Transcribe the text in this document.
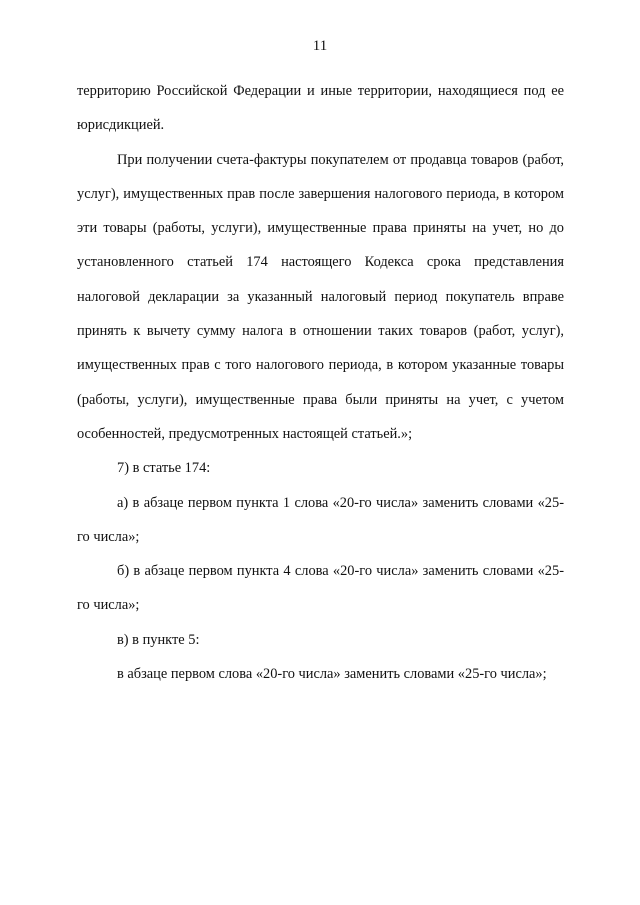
11

территорию Российской Федерации и иные территории, находящиеся под ее юрисдикцией.

При получении счета-фактуры покупателем от продавца товаров (работ, услуг), имущественных прав после завершения налогового периода, в котором эти товары (работы, услуги), имущественные права приняты на учет, но до установленного статьей 174 настоящего Кодекса срока представления налоговой декларации за указанный налоговый период покупатель вправе принять к вычету сумму налога в отношении таких товаров (работ, услуг), имущественных прав с того налогового периода, в котором указанные товары (работы, услуги), имущественные права были приняты на учет, с учетом особенностей, предусмотренных настоящей статьей.»;

7) в статье 174:

а) в абзаце первом пункта 1 слова «20-го числа» заменить словами «25-го числа»;

б) в абзаце первом пункта 4 слова «20-го числа» заменить словами «25-го числа»;

в) в пункте 5:

в абзаце первом слова «20-го числа» заменить словами «25-го числа»;
